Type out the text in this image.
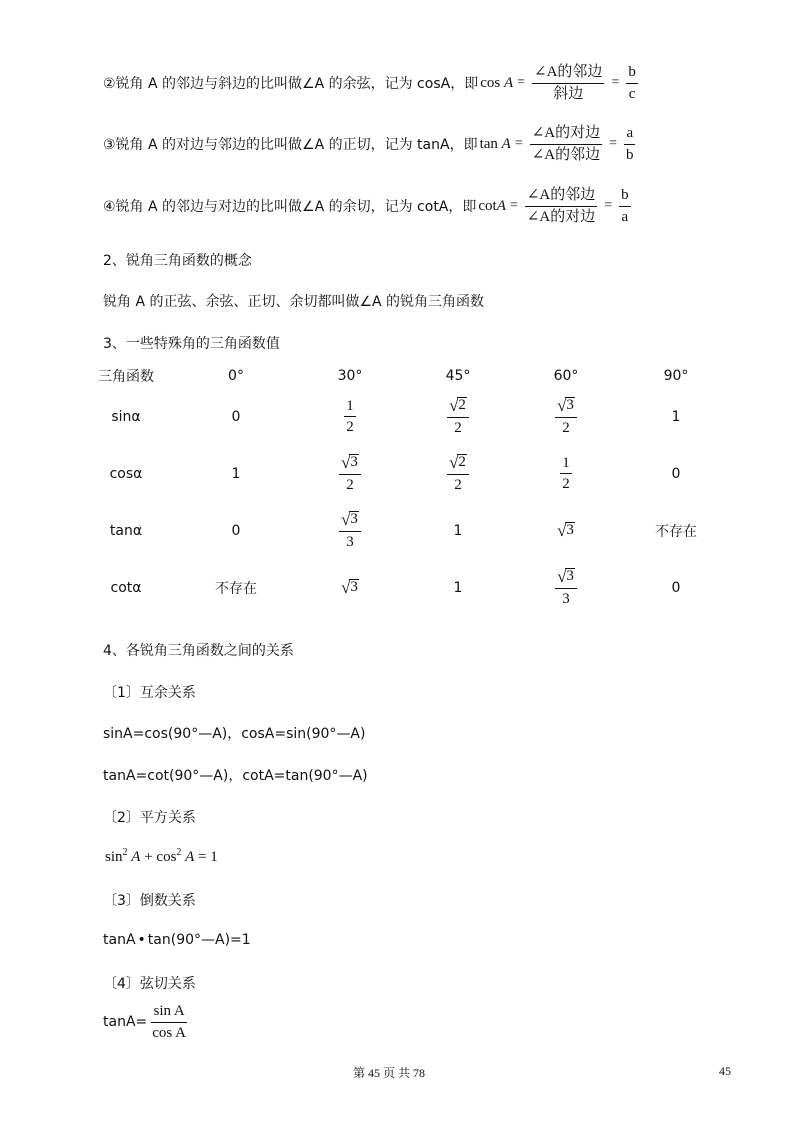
②锐角 A 的邻边与斜边的比叫做∠A 的余弦，记为 cosA，即 $\cos A = \frac{\text{∠A的邻边}}{\text{斜边}} = \frac{b}{c}$
③锐角 A 的对边与邻边的比叫做∠A 的正切，记为 tanA，即 $\tan A = \frac{\text{∠A的对边}}{\text{∠A的邻边}} = \frac{a}{b}$
④锐角 A 的邻边与对边的比叫做∠A 的余切，记为 cotA，即 $\cot A = \frac{\text{∠A的邻边}}{\text{∠A的对边}} = \frac{b}{a}$
2、锐角三角函数的概念
锐角 A 的正弦、余弦、正切、余切都叫做∠A 的锐角三角函数
3、一些特殊角的三角函数值
三角函数	0°	30°	45°	60°	90°
sinα	0	$\frac{1}{2}$	$\frac{√ 2}{2}$	$\frac{√ 3}{2}$	1
cosα	1	$\frac{√ 3}{2}$	$\frac{√ 2}{2}$	$\frac{1}{2}$	0
tanα	0	$\frac{√ 3}{3}$	1	√ 3	不存在
cotα	不存在	√ 3	1	$\frac{√ 3}{3}$	0
4、各锐角三角函数之间的关系
〔1〕互余关系
sinA=cos(90°—A)，cosA=sin(90°—A)
tanA=cot(90°—A)，cotA=tan(90°—A)
〔2〕平方关系
$\sin^2 A + \cos^2 A = 1$
〔3〕倒数关系
tanA • tan(90°—A)=1
〔4〕弦切关系
$\tan A= \frac{\text{sin A}}{\text{cos A}}$
第 45 页 共 78	45
